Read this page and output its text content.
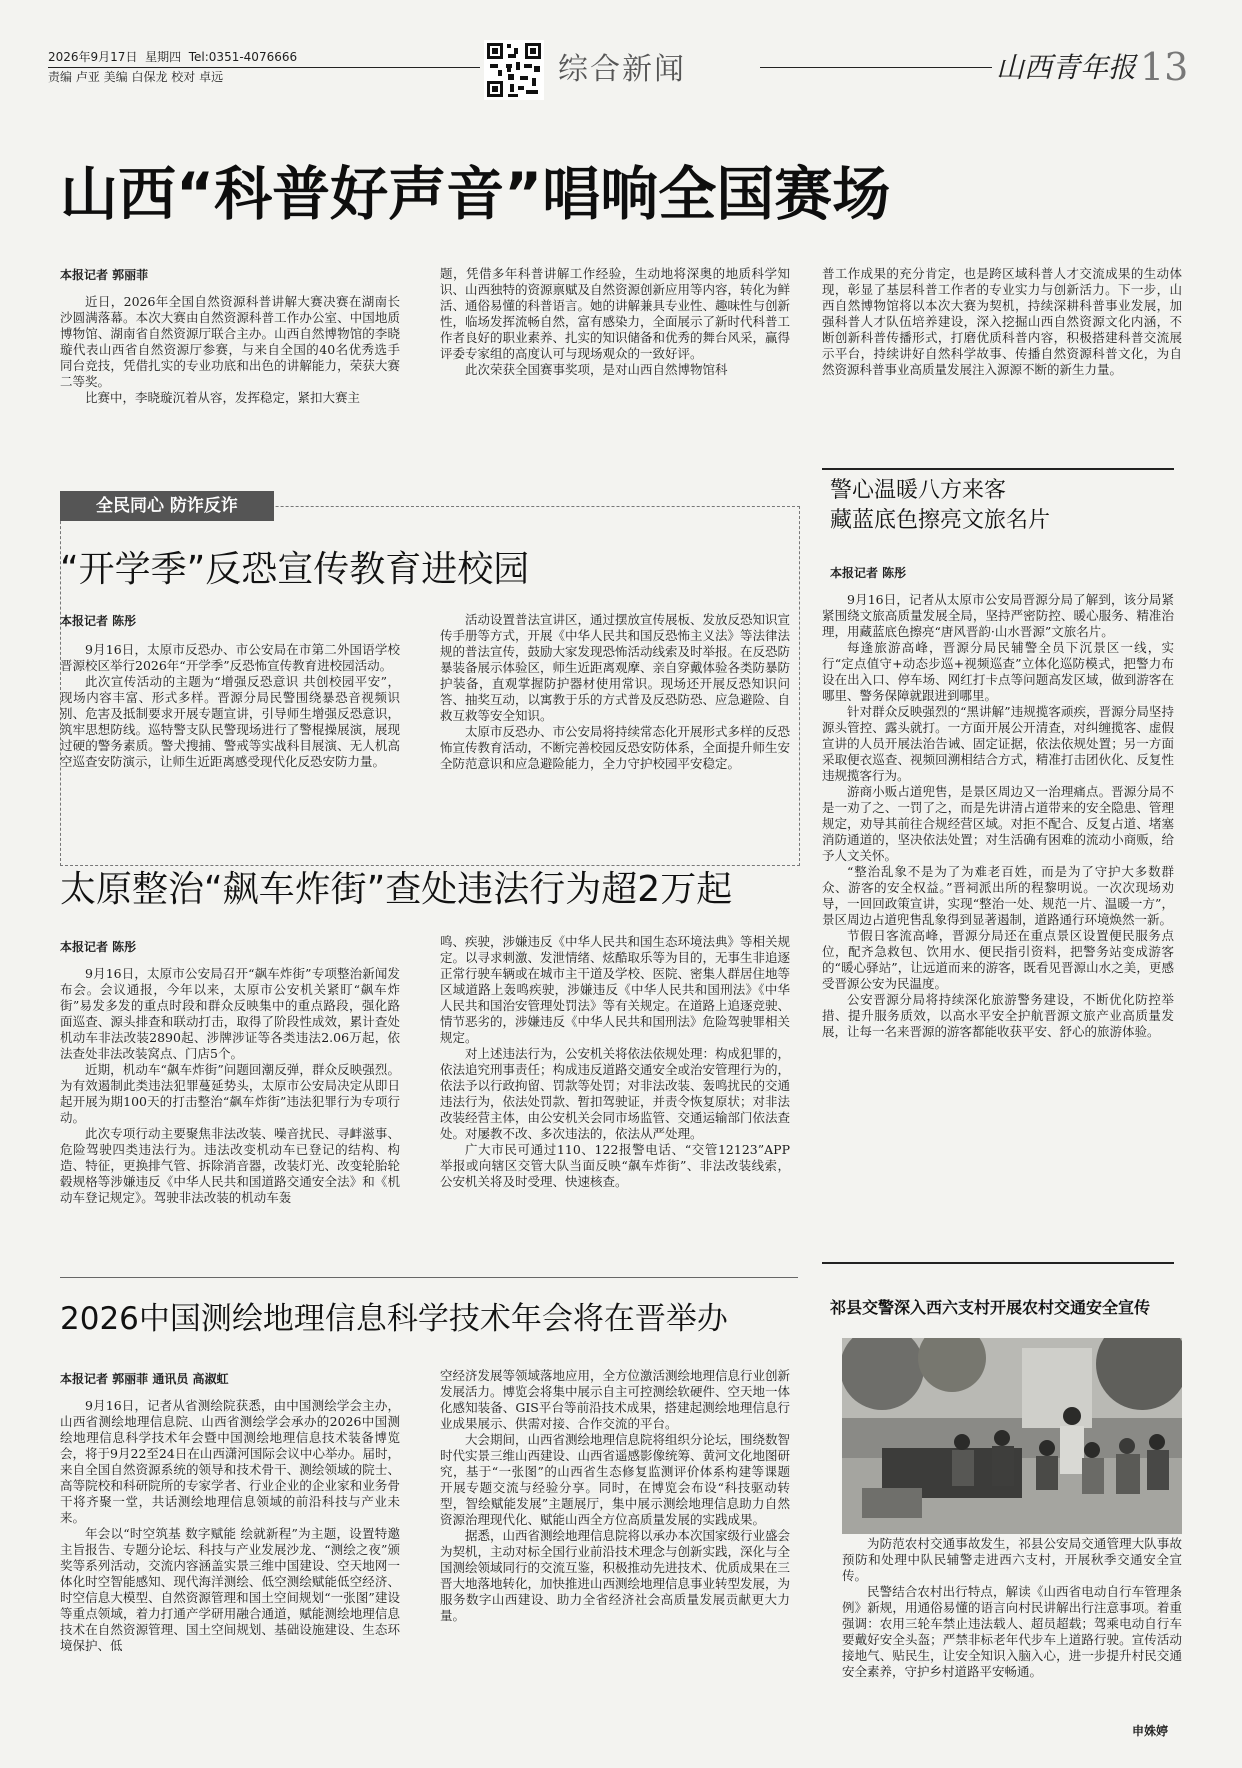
2026年9月17日 星期四 Tel:0351-4076666
责编 卢亚 美编 白保龙 校对 卓远	综合新闻	山西青年报 13
山西“科普好声音”唱响全国赛场
本报记者 郭丽菲

近日，2026年全国自然资源科普讲解大赛决赛在湖南长沙圆满落幕。本次大赛由自然资源科普工作办公室、中国地质博物馆、湖南省自然资源厅联合主办。山西自然博物馆的李晓璇代表山西省自然资源厅参赛，与来自全国的40名优秀选手同台竞技，凭借扎实的专业功底和出色的讲解能力，荣获大赛二等奖。

比赛中，李晓璇沉着从容，发挥稳定，紧扣大赛主

题，凭借多年科普讲解工作经验，生动地将深奥的地质科学知识、山西独特的资源禀赋及自然资源创新应用等内容，转化为鲜活、通俗易懂的科普语言。她的讲解兼具专业性、趣味性与创新性，临场发挥流畅自然，富有感染力，全面展示了新时代科普工作者良好的职业素养、扎实的知识储备和优秀的舞台风采，赢得评委专家组的高度认可与现场观众的一致好评。

此次荣获全国赛事奖项，是对山西自然博物馆科

普工作成果的充分肯定，也是跨区域科普人才交流成果的生动体现，彰显了基层科普工作者的专业实力与创新活力。下一步，山西自然博物馆将以本次大赛为契机，持续深耕科普事业发展，加强科普人才队伍培养建设，深入挖掘山西自然资源文化内涵，不断创新科普传播形式，打磨优质科普内容，积极搭建科普交流展示平台，持续讲好自然科学故事、传播自然资源科普文化，为自然资源科普事业高质量发展注入源源不断的新生力量。

全民同心 防诈反诈
“开学季”反恐宣传教育进校园
本报记者 陈彤

9月16日，太原市反恐办、市公安局在市第二外国语学校晋源校区举行2026年“开学季”反恐怖宣传教育进校园活动。

此次宣传活动的主题为“增强反恐意识 共创校园平安”，现场内容丰富、形式多样。晋源分局民警围绕暴恐音视频识别、危害及抵制要求开展专题宣讲，引导师生增强反恐意识，筑牢思想防线。巡特警支队民警现场进行了警棍操展演，展现过硬的警务素质。警犬搜捕、警戒等实战科目展演、无人机高空巡查安防演示，让师生近距离感受现代化反恐安防力量。

活动设置普法宣讲区，通过摆放宣传展板、发放反恐知识宣传手册等方式，开展《中华人民共和国反恐怖主义法》等法律法规的普法宣传，鼓励大家发现恐怖活动线索及时举报。在反恐防暴装备展示体验区，师生近距离观摩、亲自穿戴体验各类防暴防护装备，直观掌握防护器材使用常识。现场还开展反恐知识问答、抽奖互动，以寓教于乐的方式普及反恐防恐、应急避险、自救互救等安全知识。

太原市反恐办、市公安局将持续常态化开展形式多样的反恐怖宣传教育活动，不断完善校园反恐安防体系，全面提升师生安全防范意识和应急避险能力，全力守护校园平安稳定。

太原整治“飙车炸街”查处违法行为超2万起
本报记者 陈彤

9月16日，太原市公安局召开“飙车炸街”专项整治新闻发布会。会议通报，今年以来，太原市公安机关紧盯“飙车炸街”易发多发的重点时段和群众反映集中的重点路段，强化路面巡查、源头排查和联动打击，取得了阶段性成效，累计查处机动车非法改装2890起、涉牌涉证等各类违法2.06万起，依法查处非法改装窝点、门店5个。

近期，机动车“飙车炸街”问题回潮反弹，群众反映强烈。为有效遏制此类违法犯罪蔓延势头，太原市公安局决定从即日起开展为期100天的打击整治“飙车炸街”违法犯罪行为专项行动。

此次专项行动主要聚焦非法改装、噪音扰民、寻衅滋事、危险驾驶四类违法行为。违法改变机动车已登记的结构、构造、特征，更换排气管、拆除消音器，改装灯光、改变轮胎轮毂规格等涉嫌违反《中华人民共和国道路交通安全法》和《机动车登记规定》。驾驶非法改装的机动车轰

鸣、疾驶，涉嫌违反《中华人民共和国生态环境法典》等相关规定。以寻求刺激、发泄情绪、炫酷取乐等为目的，无事生非追逐正常行驶车辆或在城市主干道及学校、医院、密集人群居住地等区域道路上轰鸣疾驶，涉嫌违反《中华人民共和国刑法》《中华人民共和国治安管理处罚法》等有关规定。在道路上追逐竞驶、情节恶劣的，涉嫌违反《中华人民共和国刑法》危险驾驶罪相关规定。

对上述违法行为，公安机关将依法依规处理：构成犯罪的，依法追究刑事责任；构成违反道路交通安全或治安管理行为的，依法予以行政拘留、罚款等处罚；对非法改装、轰鸣扰民的交通违法行为，依法处罚款、暂扣驾驶证，并责令恢复原状；对非法改装经营主体，由公安机关会同市场监管、交通运输部门依法查处。对屡教不改、多次违法的，依法从严处理。

广大市民可通过110、122报警电话、“交管12123”APP举报或向辖区交管大队当面反映“飙车炸街”、非法改装线索，公安机关将及时受理、快速核查。

2026中国测绘地理信息科学技术年会将在晋举办
本报记者 郭丽菲 通讯员 高淑虹

9月16日，记者从省测绘院获悉，由中国测绘学会主办，山西省测绘地理信息院、山西省测绘学会承办的2026中国测绘地理信息科学技术年会暨中国测绘地理信息技术装备博览会，将于9月22至24日在山西潇河国际会议中心举办。届时，来自全国自然资源系统的领导和技术骨干、测绘领域的院士、高等院校和科研院所的专家学者、行业企业的企业家和业务骨干将齐聚一堂，共话测绘地理信息领域的前沿科技与产业未来。

年会以“时空筑基 数字赋能 绘就新程”为主题，设置特邀主旨报告、专题分论坛、科技与产业发展沙龙、“测绘之夜”颁奖等系列活动，交流内容涵盖实景三维中国建设、空天地网一体化时空智能感知、现代海洋测绘、低空测绘赋能低空经济、时空信息大模型、自然资源管理和国土空间规划“一张图”建设等重点领域，着力打通产学研用融合通道，赋能测绘地理信息技术在自然资源管理、国土空间规划、基础设施建设、生态环境保护、低

空经济发展等领域落地应用，全方位激活测绘地理信息行业创新发展活力。博览会将集中展示自主可控测绘软硬件、空天地一体化感知装备、GIS平台等前沿技术成果，搭建起测绘地理信息行业成果展示、供需对接、合作交流的平台。

大会期间，山西省测绘地理信息院将组织分论坛，围绕数智时代实景三维山西建设、山西省遥感影像统筹、黄河文化地图研究，基于“一张图”的山西省生态修复监测评价体系构建等课题开展专题交流与经验分享。同时，在博览会布设“科技驱动转型，智绘赋能发展”主题展厅，集中展示测绘地理信息助力自然资源治理现代化、赋能山西全方位高质量发展的实践成果。

据悉，山西省测绘地理信息院将以承办本次国家级行业盛会为契机，主动对标全国行业前沿技术理念与创新实践，深化与全国测绘领域同行的交流互鉴，积极推动先进技术、优质成果在三晋大地落地转化，加快推进山西测绘地理信息事业转型发展，为服务数字山西建设、助力全省经济社会高质量发展贡献更大力量。

警心温暖八方来客
藏蓝底色擦亮文旅名片
本报记者 陈彤

9月16日，记者从太原市公安局晋源分局了解到，该分局紧紧围绕文旅高质量发展全局，坚持严密防控、暖心服务、精准治理，用藏蓝底色擦亮“唐风晋韵·山水晋源”文旅名片。

每逢旅游高峰，晋源分局民辅警全员下沉景区一线，实行“定点值守+动态步巡+视频巡查”立体化巡防模式，把警力布设在出入口、停车场、网红打卡点等问题高发区域，做到游客在哪里、警务保障就跟进到哪里。

针对群众反映强烈的“黑讲解”违规揽客顽疾，晋源分局坚持源头管控、露头就打。一方面开展公开清查，对纠缠揽客、虚假宣讲的人员开展法治告诫、固定证据，依法依规处置；另一方面采取便衣巡查、视频回溯相结合方式，精准打击团伙化、反复性违规揽客行为。

游商小贩占道兜售，是景区周边又一治理痛点。晋源分局不是一劝了之、一罚了之，而是先讲清占道带来的安全隐患、管理规定，劝导其前往合规经营区域。对拒不配合、反复占道、堵塞消防通道的，坚决依法处置；对生活确有困难的流动小商贩，给予人文关怀。

“整治乱象不是为了为难老百姓，而是为了守护大多数群众、游客的安全权益。”晋祠派出所的程黎明说。一次次现场劝导，一回回政策宣讲，实现“整治一处、规范一片、温暖一方”，景区周边占道兜售乱象得到显著遏制，道路通行环境焕然一新。

节假日客流高峰，晋源分局还在重点景区设置便民服务点位，配齐急救包、饮用水、便民指引资料，把警务站变成游客的“暖心驿站”，让远道而来的游客，既看见晋源山水之美，更感受晋源公安为民温度。

公安晋源分局将持续深化旅游警务建设，不断优化防控举措、提升服务质效，以高水平安全护航晋源文旅产业高质量发展，让每一名来晋源的游客都能收获平安、舒心的旅游体验。

祁县交警深入西六支村开展农村交通安全宣传

为防范农村交通事故发生，祁县公安局交通管理大队事故预防和处理中队民辅警走进西六支村，开展秋季交通安全宣传。

民警结合农村出行特点，解读《山西省电动自行车管理条例》新规，用通俗易懂的语言向村民讲解出行注意事项。着重强调：农用三轮车禁止违法载人、超员超载；驾乘电动自行车要戴好安全头盔；严禁非标老年代步车上道路行驶。宣传活动接地气、贴民生，让安全知识入脑入心，进一步提升村民交通安全素养，守护乡村道路平安畅通。

申姝婷
